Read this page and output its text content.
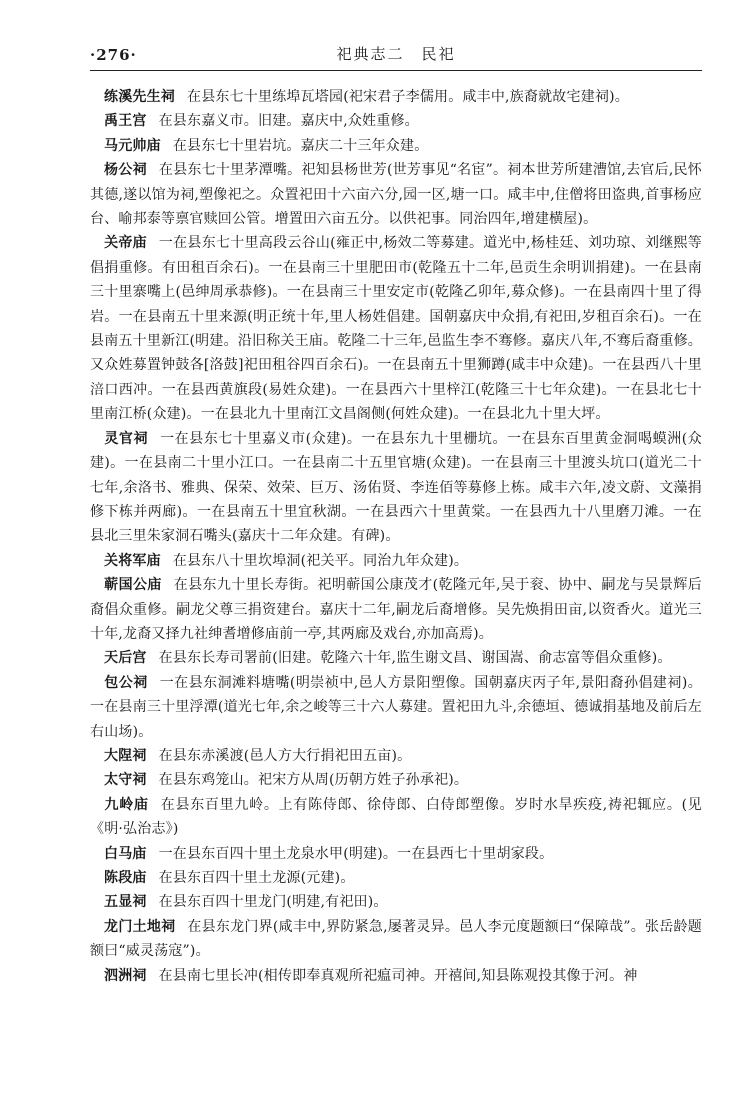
·276·	祀典志二　民祀

练溪先生祠 在县东七十里练埠瓦塔园(祀宋君子李儒用。咸丰中,族裔就故宅建祠)。

禹王宫 在县东嘉义市。旧建。嘉庆中,众姓重修。

马元帅庙 在县东七十里岩坑。嘉庆二十三年众建。

杨公祠 在县东七十里茅潭嘴。祀知县杨世芳(世芳事见“名宦”。祠本世芳所建漕馆,去官后,民怀其德,遂以馆为祠,塑像祀之。众置祀田十六亩六分,园一区,塘一口。咸丰中,住僧将田盗典,首事杨应台、喻邦泰等禀官赎回公管。增置田六亩五分。以供祀事。同治四年,增建横屋)。

关帝庙 一在县东七十里高段云谷山(雍正中,杨效二等募建。道光中,杨桂廷、刘功琼、刘继熙等倡捐重修。有田租百余石)。一在县南三十里肥田市(乾隆五十二年,邑贡生余明训捐建)。一在县南三十里寨嘴上(邑绅周承恭修)。一在县南三十里安定市(乾隆乙卯年,募众修)。一在县南四十里了得岩。一在县南五十里来源(明正统十年,里人杨姓倡建。国朝嘉庆中众捐,有祀田,岁租百余石)。一在县南五十里新江(明建。沿旧称关王庙。乾隆二十三年,邑监生李不骞修。嘉庆八年,不骞后裔重修。又众姓募置钟鼓各[洛鼓]祀田租谷四百余石)。一在县南五十里狮蹲(咸丰中众建)。一在县西八十里涪口西冲。一在县西黄旗段(易姓众建)。一在县西六十里梓江(乾隆三十七年众建)。一在县北七十里南江桥(众建)。一在县北九十里南江文昌阁侧(何姓众建)。一在县北九十里大坪。

灵官祠 一在县东七十里嘉义市(众建)。一在县东九十里栅坑。一在县东百里黄金洞喝蟆洲(众建)。一在县南二十里小江口。一在县南二十五里官塘(众建)。一在县南三十里渡头坑口(道光二十七年,余洛书、雅典、保荣、效荣、巨万、汤佑贤、李连佰等募修上栋。咸丰六年,凌文蔚、文藻捐修下栋并两廊)。一在县南五十里宜秋湖。一在县西六十里黄棠。一在县西九十八里磨刀滩。一在县北三里朱家洞石嘴头(嘉庆十二年众建。有碑)。

关将军庙 在县东八十里坎埠洞(祀关平。同治九年众建)。

蕲国公庙 在县东九十里长寿街。祀明蕲国公康茂才(乾隆元年,吴于衮、协中、嗣龙与吴景辉后裔倡众重修。嗣龙父尊三捐资建台。嘉庆十二年,嗣龙后裔增修。吴先焕捐田亩,以资香火。道光三十年,龙裔又择九社绅耆增修庙前一亭,其两廊及戏台,亦加高焉)。

天后宫 在县东长寿司署前(旧建。乾隆六十年,监生谢文昌、谢国嵩、俞志富等倡众重修)。

包公祠 一在县东洞滩料塘嘴(明崇祯中,邑人方景阳塑像。国朝嘉庆丙子年,景阳裔孙倡建祠)。一在县南三十里浮潭(道光七年,余之峻等三十六人募建。置祀田九斗,余德垣、德诚捐基地及前后左右山场)。

大陧祠 在县东赤溪渡(邑人方大行捐祀田五亩)。

太守祠 在县东鸡笼山。祀宋方从周(历朝方姓子孙承祀)。

九岭庙 在县东百里九岭。上有陈侍郎、徐侍郎、白侍郎塑像。岁时水旱疾疫,祷祀辄应。(见《明·弘治志》)

白马庙 一在县东百四十里土龙泉水甲(明建)。一在县西七十里胡家段。

陈段庙 在县东百四十里土龙源(元建)。

五显祠 在县东百四十里龙门(明建,有祀田)。

龙门土地祠 在县东龙门界(咸丰中,界防紧急,屡著灵异。邑人李元度题额曰“保障哉”。张岳龄题额曰“威灵荡寇”)。

泗洲祠 在县南七里长冲(相传即奉真观所祀瘟司神。开禧间,知县陈观投其像于河。神
